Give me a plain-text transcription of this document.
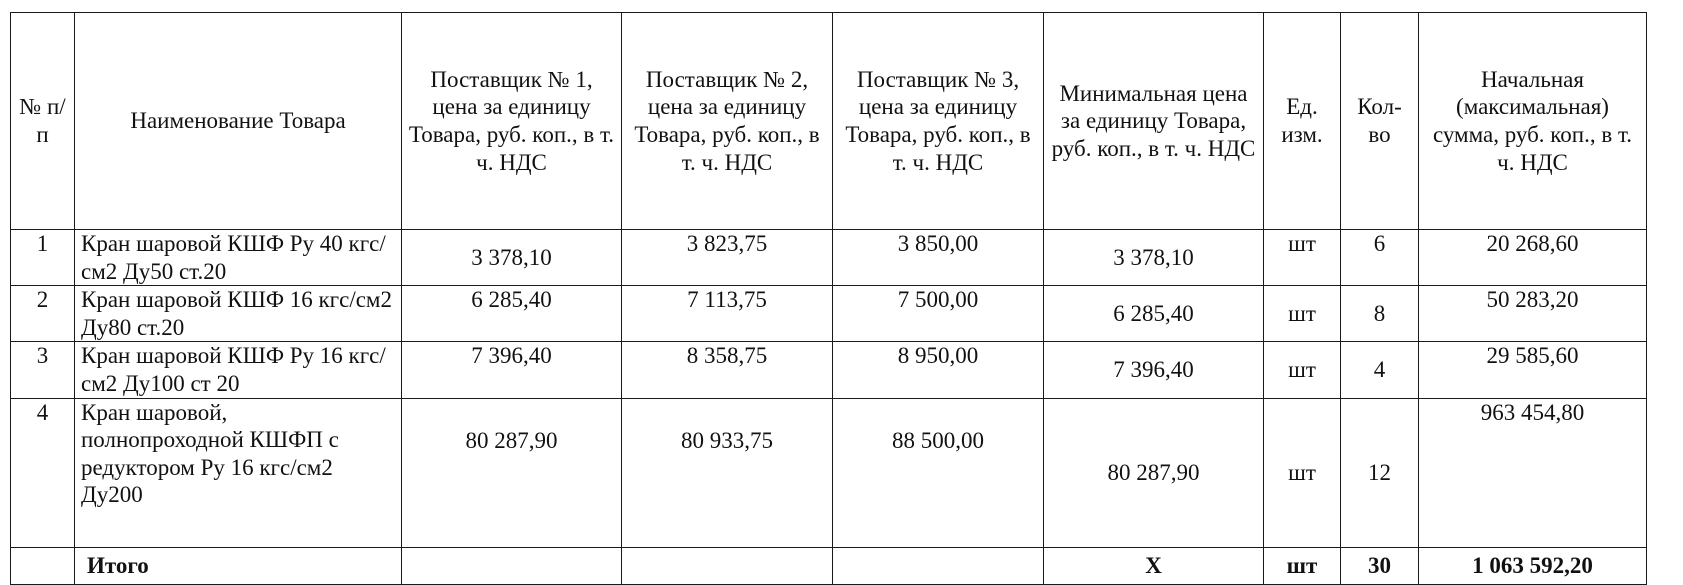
№ п/п	Наименование Товара	Поставщик № 1, цена за единицу Товара, руб. коп., в т. ч. НДС	Поставщик № 2, цена за единицу Товара, руб. коп., в т. ч. НДС	Поставщик № 3, цена за единицу Товара, руб. коп., в т. ч. НДС	Минимальная цена за единицу Товара, руб. коп., в т. ч. НДС	Ед. изм.	Кол-во	Начальная (максимальная) сумма, руб. коп., в т. ч. НДС
1	Кран шаровой КШФ Ру 40 кгс/см2 Ду50 ст.20	3 378,10	3 823,75	3 850,00	3 378,10	шт	6	20 268,60
2	Кран шаровой КШФ 16 кгс/см2 Ду80 ст.20	6 285,40	7 113,75	7 500,00	6 285,40	шт	8	50 283,20
3	Кран шаровой КШФ Ру 16 кгс/см2 Ду100 ст 20	7 396,40	8 358,75	8 950,00	7 396,40	шт	4	29 585,60
4	Кран шаровой, полнопроходной КШФП с редуктором Ру 16 кгс/см2 Ду200	80 287,90	80 933,75	88 500,00	80 287,90	шт	12	963 454,80
	Итого				Х	шт	30	1 063 592,20
